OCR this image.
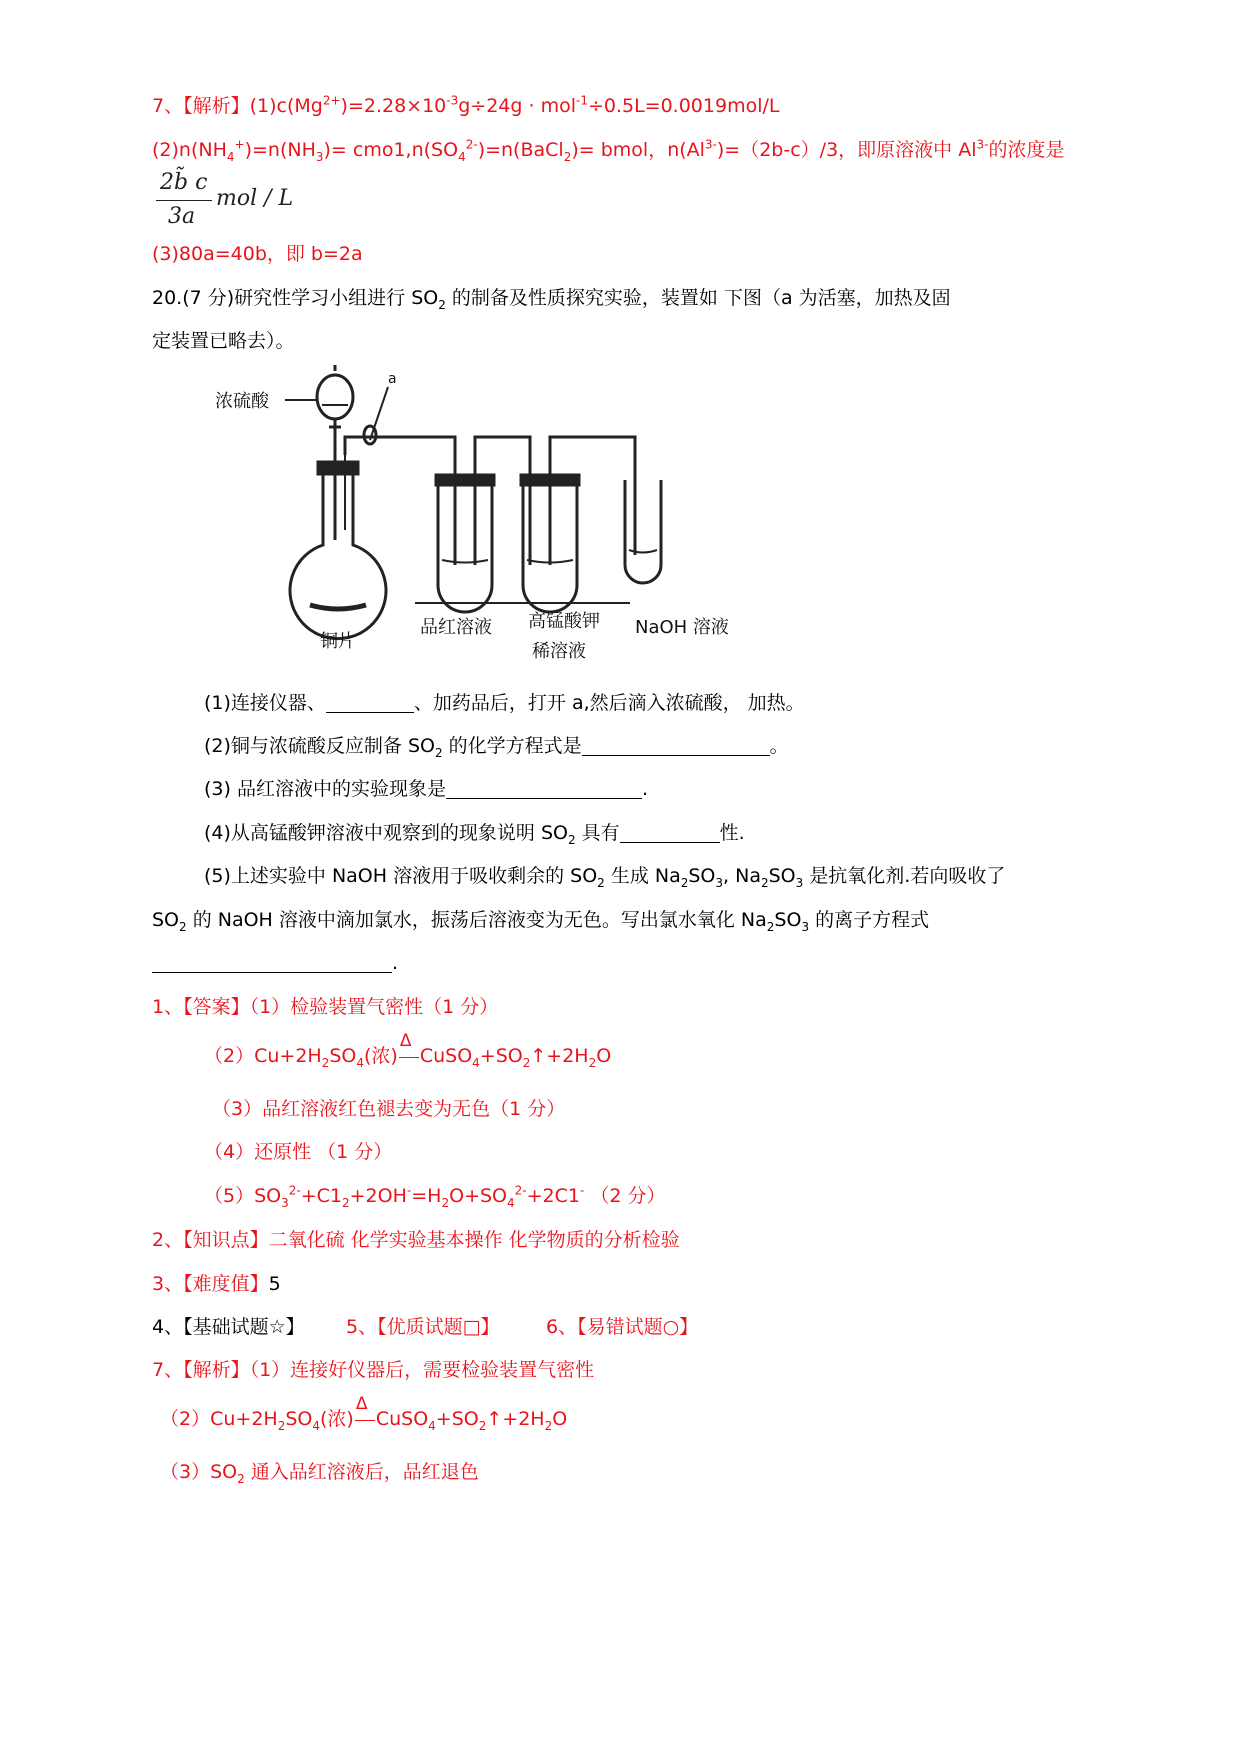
7、【解析】$(1)c(Mg^{2+})=2.28\times 10^{-3}g\div 24g \cdot mol^{-1}\div 0.5L=0.0019mol/L$
$(2)n(NH_4^+)=n(NH_3)=$ $cmo1,n(SO_4^{2-})=n(BaCl_2)=$ bmol，$n(Al^{3-})=(2b-c)/3$，即原溶液中 $Al^{3-}$的浓度是
2b̃ c
3a
mol / L
(3)80a=40b，即 b=2a
20.(7 分)研究性学习小组进行 $SO_2$ 的制备及性质探究实验，装置如 下图（a 为活塞，加热及固
定装置已略去）。
浓硫酸
a
铜片
品红溶液 高锰酸钾
稀溶液
NaOH 溶液
(1)连接仪器、	、加药品后，打开 a,然后滴入浓硫酸， 加热。
(2)铜与浓硫酸反应制备 $SO_2$ 的化学方程式是	。
(3) 品红溶液中的实验现象是	.
(4)从高锰酸钾溶液中观察到的现象说明 $SO_2$ 具有	性.
(5)上述实验中 NaOH 溶液用于吸收剩余的 $SO_2$ 生成 $Na_2SO_3$, $Na_2SO_3$ 是抗氧化剂.若向吸收了
$SO_2$ 的 NaOH 溶液中滴加氯水，振荡后溶液变为无色。写出氯水氧化 $Na_2SO_3$ 的离子方程式
.
1、【答案】（1）检验装置气密性（1 分）
$(2)Cu+2H_2SO_4$(浓)
Δ
$CuSO_4+SO_2↑+2H_2O$
（3）品红溶液红色褪去变为无色（1 分）
（4）还原性 （1 分）
$(5)SO_3^{2-}+C1_2+2OH^-=H_2O+SO_4^{2-}+2C1^-$ （2 分）
2、【知识点】二氧化硫 化学实验基本操作 化学物质的分析检验
3、【难度值】5
4、【基础试题☆】 5、【优质试题□】 6、【易错试题○】
7、【解析】（1）连接好仪器后，需要检验装置气密性
$(2)Cu+2H_2SO_4$(浓)
Δ
$CuSO_4+SO_2↑+2H_2O$
$(3)SO_2$ 通入品红溶液后，品红退色
